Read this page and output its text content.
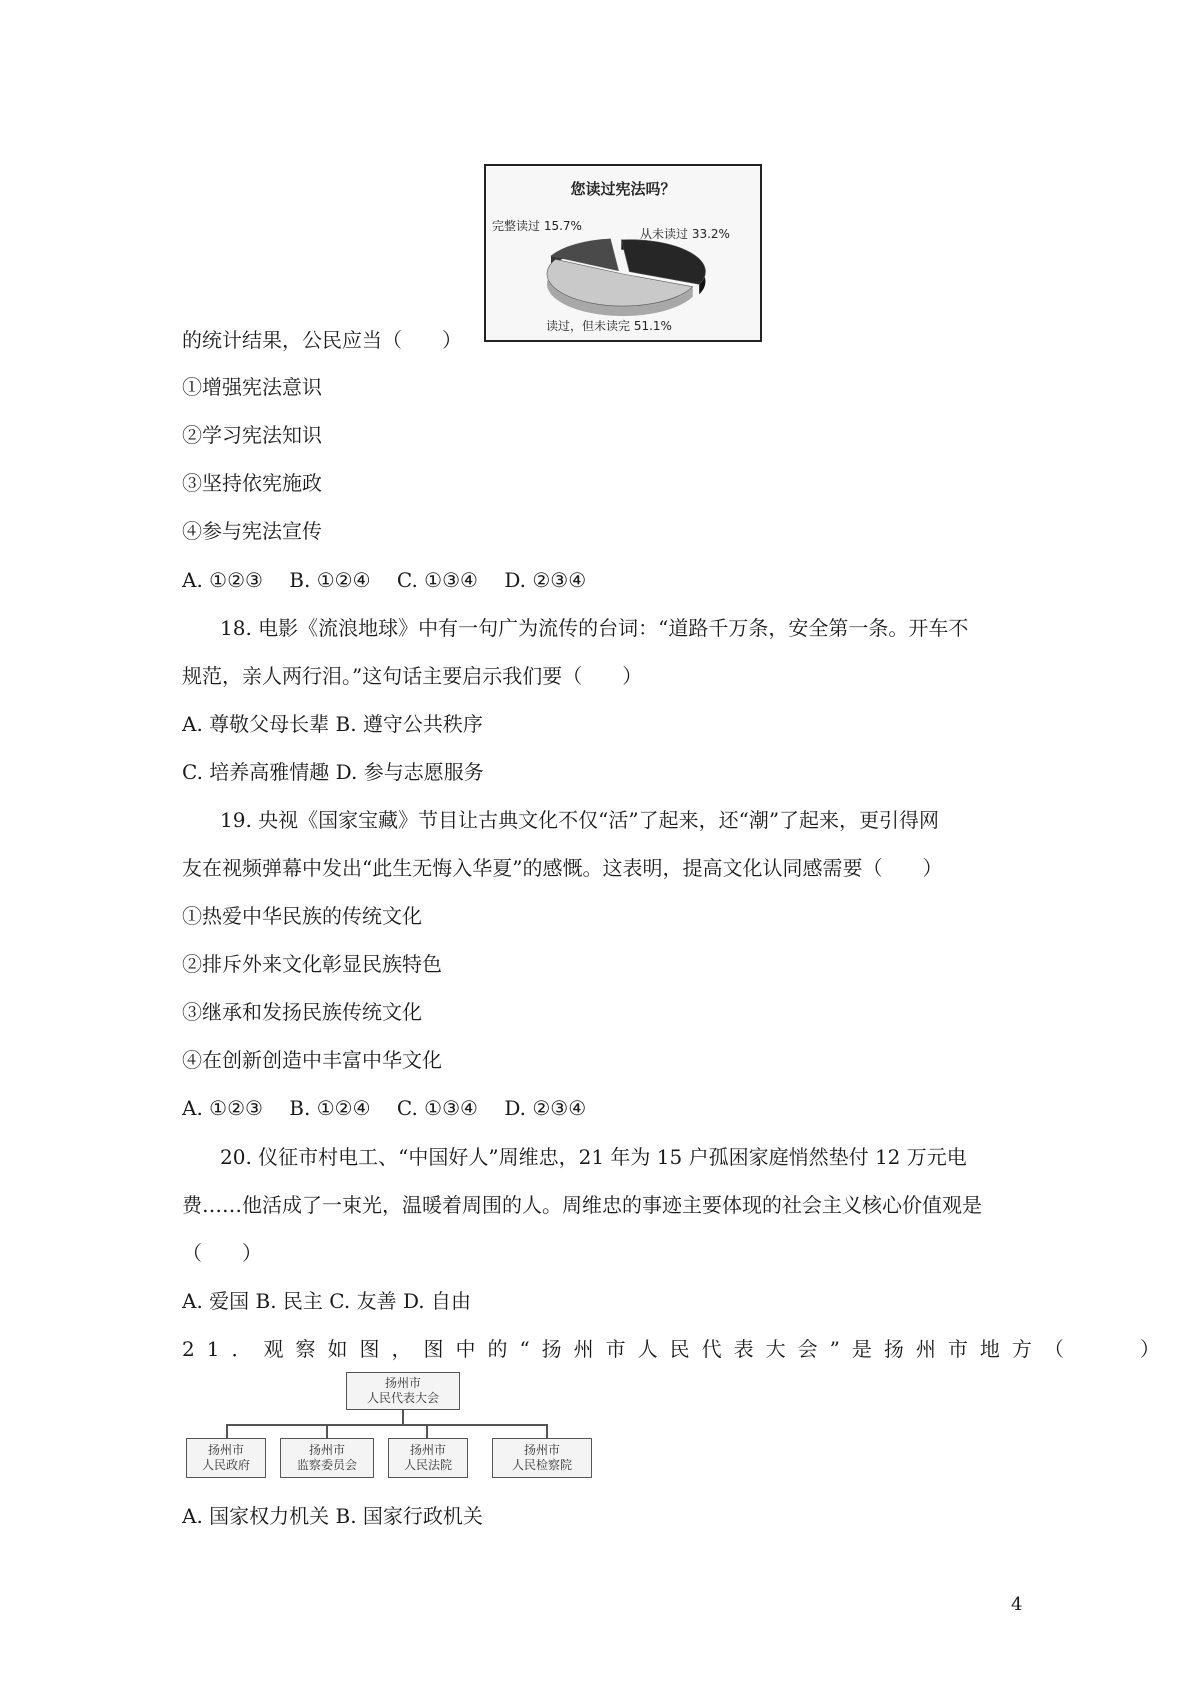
您读过宪法吗？
完整读过 15.7%
从未读过 33.2%
读过，但未读完 51.1%
的统计结果，公民应当（　　）
①增强宪法意识
②学习宪法知识
③坚持依宪施政
④参与宪法宣传
A. ①②③　 B. ①②④　 C. ①③④　 D. ②③④
18. 电影《流浪地球》中有一句广为流传的台词：“道路千万条，安全第一条。开车不
规范，亲人两行泪。”这句话主要启示我们要（　　）
A. 尊敬父母长辈 B. 遵守公共秩序
C. 培养高雅情趣 D. 参与志愿服务
19. 央视《国家宝藏》节目让古典文化不仅“活”了起来，还“潮”了起来，更引得网
友在视频弹幕中发出“此生无悔入华夏”的感慨。这表明，提高文化认同感需要（　　）
①热爱中华民族的传统文化
②排斥外来文化彰显民族特色
③继承和发扬民族传统文化
④在创新创造中丰富中华文化
A. ①②③　 B. ①②④　 C. ①③④　 D. ②③④
20. 仪征市村电工、“中国好人”周维忠，21 年为 15 户孤困家庭悄然垫付 12 万元电
费……他活成了一束光，温暖着周围的人。周维忠的事迹主要体现的社会主义核心价值观是
（　　）
A. 爱国 B. 民主 C. 友善 D. 自由
21．观察如图，图中的“扬州市人民代表大会”是扬州市地方（　　）
扬州市
人民代表大会
扬州市
人民政府
扬州市
监察委员会
扬州市
人民法院
扬州市
人民检察院
A. 国家权力机关 B. 国家行政机关
4
